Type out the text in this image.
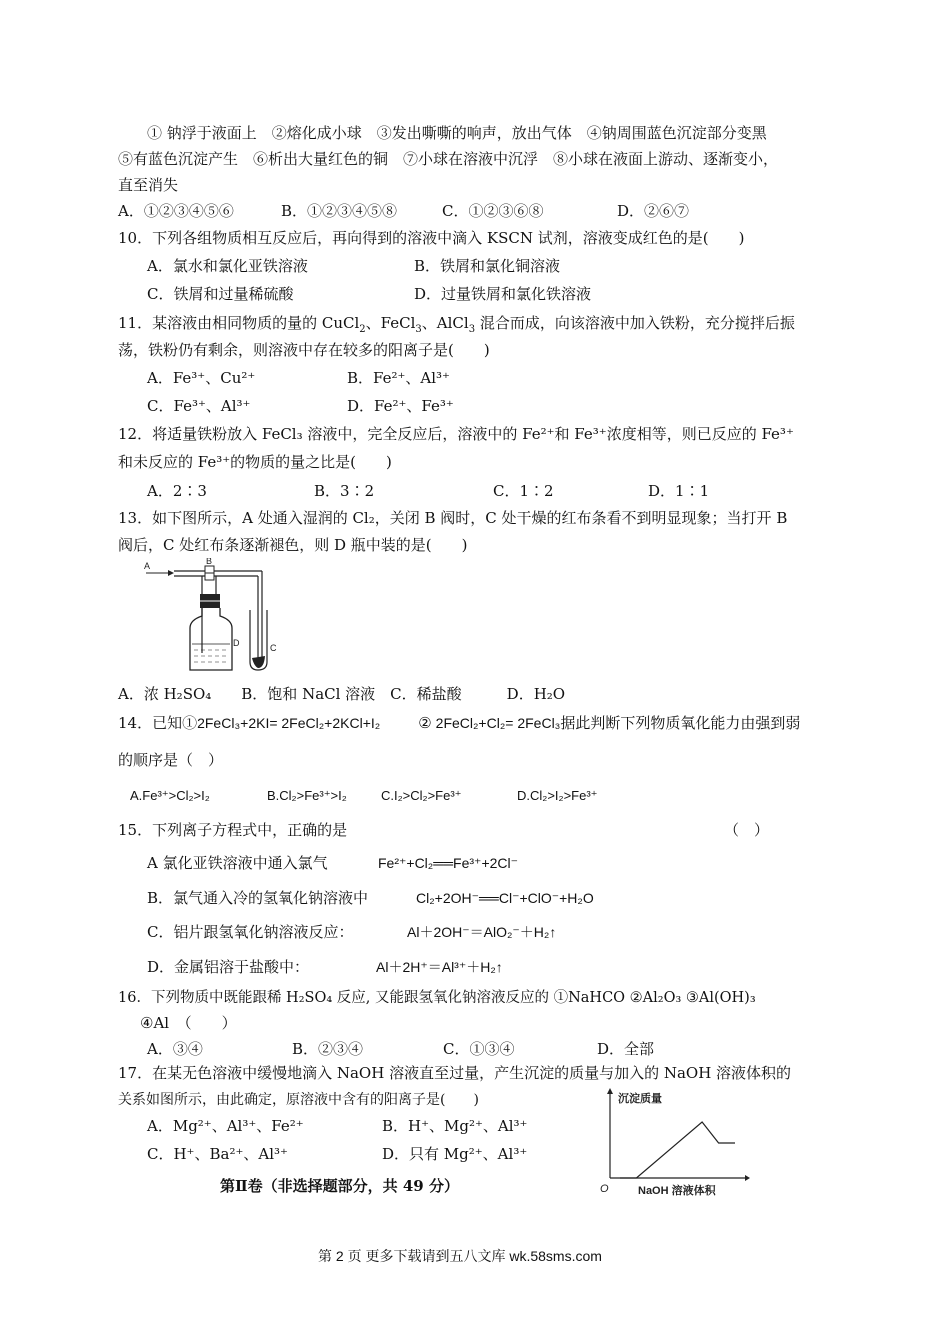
① 钠浮于液面上　②熔化成小球　③发出嘶嘶的响声，放出气体　④钠周围蓝色沉淀部分变黑
⑤有蓝色沉淀产生　⑥析出大量红色的铜　⑦小球在溶液中沉浮　⑧小球在液面上游动、逐渐变小，
直至消失
A．①②③④⑤⑥	B．①②③④⑤⑧	C．①②③⑥⑧	D．②⑥⑦
10．下列各组物质相互反应后，再向得到的溶液中滴入 KSCN 试剂，溶液变成红色的是(　　)
A．氯水和氯化亚铁溶液	B．铁屑和氯化铜溶液
C．铁屑和过量稀硫酸	D．过量铁屑和氯化铁溶液
11．某溶液由相同物质的量的 CuCl$_2$、FeCl$_3$、AlCl$_3$ 混合而成，向该溶液中加入铁粉，充分搅拌后振
荡，铁粉仍有剩余，则溶液中存在较多的阳离子是(　　)
A．Fe³⁺、Cu²⁺	B．Fe²⁺、Al³⁺
C．Fe³⁺、Al³⁺	D．Fe²⁺、Fe³⁺
12．将适量铁粉放入 FeCl₃ 溶液中，完全反应后，溶液中的 Fe²⁺和 Fe³⁺浓度相等，则已反应的 Fe³⁺
和未反应的 Fe³⁺的物质的量之比是(　　)
A．2∶3	B．3∶2	C．1∶2	D．1∶1
13．如下图所示，A 处通入湿润的 Cl₂，关闭 B 阀时，C 处干燥的红布条看不到明显现象；当打开 B
阀后，C 处红布条逐渐褪色，则 D 瓶中装的是(　　)
A	B
C
D
A．浓 H₂SO₄　　B．饱和 NaCl 溶液　C．稀盐酸　　　D．H₂O
14．已知①2FeCl₃+2KI= 2FeCl₂+2KCl+I₂	② 2FeCl₂+Cl₂= 2FeCl₃据此判断下列物质氧化能力由强到弱
的顺序是（　）
A.Fe³⁺>Cl₂>I₂	B.Cl₂>Fe³⁺>I₂	C.I₂>Cl₂>Fe³⁺	D.Cl₂>I₂>Fe³⁺
15．下列离子方程式中，正确的是	（　）
A 氯化亚铁溶液中通入氯气	Fe²⁺+Cl₂══Fe³⁺+2Cl⁻
B．氯气通入冷的氢氧化钠溶液中	Cl₂+2OH⁻══Cl⁻+ClO⁻+H₂O
C．铝片跟氢氧化钠溶液反应：	Al＋2OH⁻＝AlO₂⁻＋H₂↑
D．金属铝溶于盐酸中：	Al＋2H⁺＝Al³⁺＋H₂↑
16．下列物质中既能跟稀 H₂SO₄ 反应, 又能跟氢氧化钠溶液反应的 ①NaHCO ②Al₂O₃ ③Al(OH)₃
④Al　（　　）
A．③④	B．②③④	C．①③④	D．全部
17．在某无色溶液中缓慢地滴入 NaOH 溶液直至过量，产生沉淀的质量与加入的 NaOH 溶液体积的
关系如图所示，由此确定，原溶液中含有的阳离子是(　　)
A．Mg²⁺、Al³⁺、Fe²⁺	B．H⁺、Mg²⁺、Al³⁺
C．H⁺、Ba²⁺、Al³⁺	D．只有 Mg²⁺、Al³⁺
沉淀质量
O	NaOH 溶液体积
第Ⅱ卷（非选择题部分，共 49 分）
第 2 页 更多下载请到五八文库 wk.58sms.com
